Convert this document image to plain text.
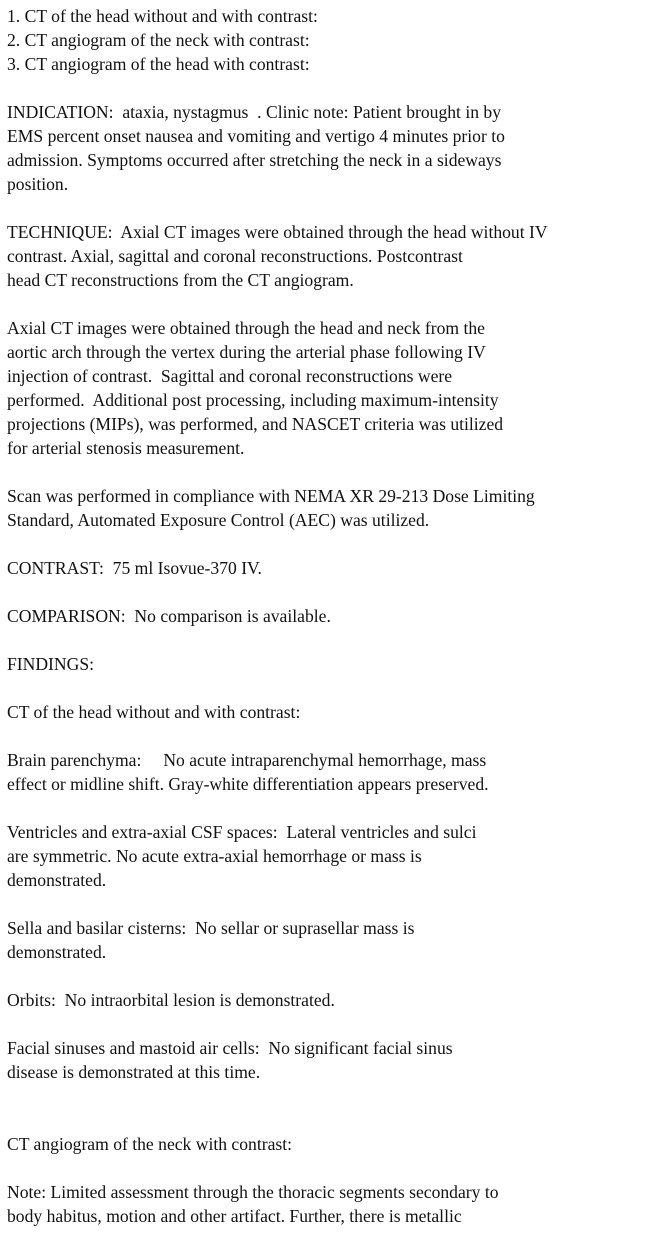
1. CT of the head without and with contrast:
2. CT angiogram of the neck with contrast:
3. CT angiogram of the head with contrast:
INDICATION:  ataxia, nystagmus  . Clinic note: Patient brought in by
EMS percent onset nausea and vomiting and vertigo 4 minutes prior to
admission. Symptoms occurred after stretching the neck in a sideways
position.
TECHNIQUE:  Axial CT images were obtained through the head without IV
contrast. Axial, sagittal and coronal reconstructions. Postcontrast
head CT reconstructions from the CT angiogram.
Axial CT images were obtained through the head and neck from the
aortic arch through the vertex during the arterial phase following IV
injection of contrast.  Sagittal and coronal reconstructions were
performed.  Additional post processing, including maximum-intensity
projections (MIPs), was performed, and NASCET criteria was utilized
for arterial stenosis measurement.
Scan was performed in compliance with NEMA XR 29-213 Dose Limiting
Standard, Automated Exposure Control (AEC) was utilized.
CONTRAST:  75 ml Isovue-370 IV.
COMPARISON:  No comparison is available.
FINDINGS:
CT of the head without and with contrast:
Brain parenchyma:     No acute intraparenchymal hemorrhage, mass
effect or midline shift. Gray-white differentiation appears preserved.
Ventricles and extra-axial CSF spaces:  Lateral ventricles and sulci
are symmetric. No acute extra-axial hemorrhage or mass is
demonstrated.
Sella and basilar cisterns:  No sellar or suprasellar mass is
demonstrated.
Orbits:  No intraorbital lesion is demonstrated.
Facial sinuses and mastoid air cells:  No significant facial sinus
disease is demonstrated at this time.
CT angiogram of the neck with contrast:
Note: Limited assessment through the thoracic segments secondary to
body habitus, motion and other artifact. Further, there is metallic
